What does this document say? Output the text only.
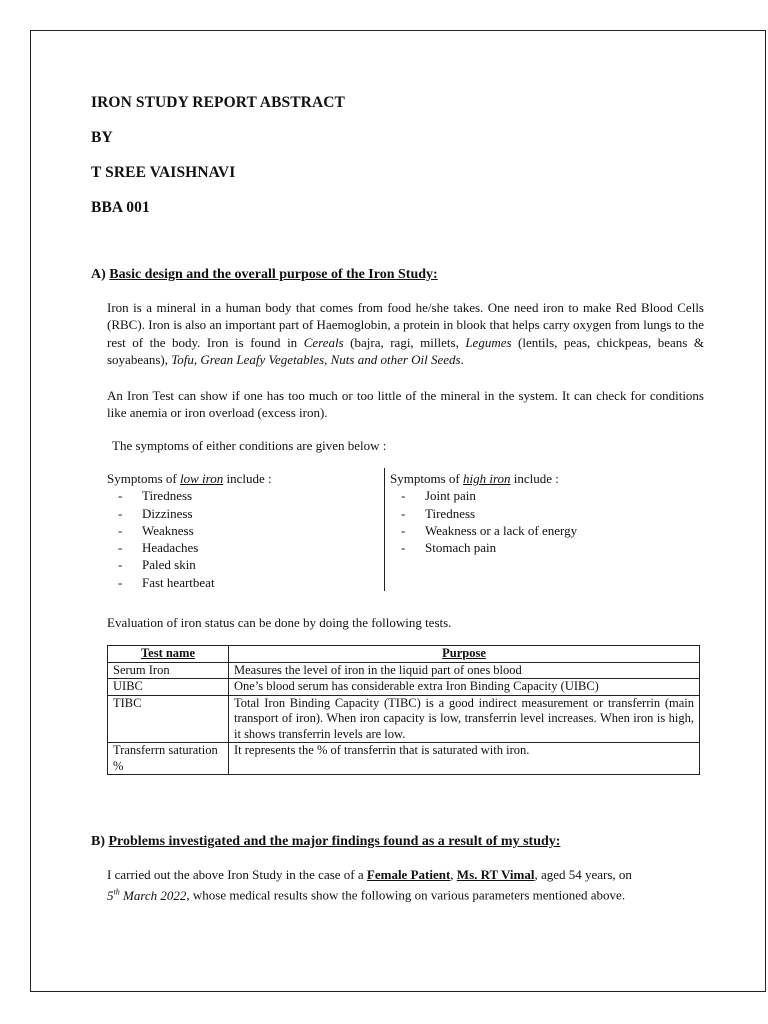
IRON STUDY REPORT ABSTRACT
BY
T SREE VAISHNAVI
BBA 001
A) Basic design and the overall purpose of the Iron Study:
Iron is a mineral in a human body that comes from food he/she takes. One need iron to make Red Blood Cells (RBC). Iron is also an important part of Haemoglobin, a protein in blook that helps carry oxygen from lungs to the rest of the body. Iron is found in Cereals (bajra, ragi, millets, Legumes (lentils, peas, chickpeas, beans & soyabeans), Tofu, Grean Leafy Vegetables, Nuts and other Oil Seeds.
An Iron Test can show if one has too much or too little of the mineral in the system. It can check for conditions like anemia or iron overload (excess iron).
The symptoms of either conditions are given below :
Symptoms of low iron include :
- Tiredness
- Dizziness
- Weakness
- Headaches
- Paled skin
- Fast heartbeat
Symptoms of high iron include :
- Joint pain
- Tiredness
- Weakness or a lack of energy
- Stomach pain
Evaluation of iron status can be done by doing the following tests.
Test name	Purpose
Serum Iron	Measures the level of iron in the liquid part of ones blood
UIBC	One’s blood serum has considerable extra Iron Binding Capacity (UIBC)
TIBC	Total Iron Binding Capacity (TIBC) is a good indirect measurement or transferrin (main transport of iron). When iron capacity is low, transferrin level increases. When iron is high, it shows transferrin levels are low.
Transferrn saturation %	It represents the % of transferrin that is saturated with iron.
B) Problems investigated and the major findings found as a result of my study:
I carried out the above Iron Study in the case of a Female Patient, Ms. RT Vimal, aged 54 years, on
5th March 2022, whose medical results show the following on various parameters mentioned above.
